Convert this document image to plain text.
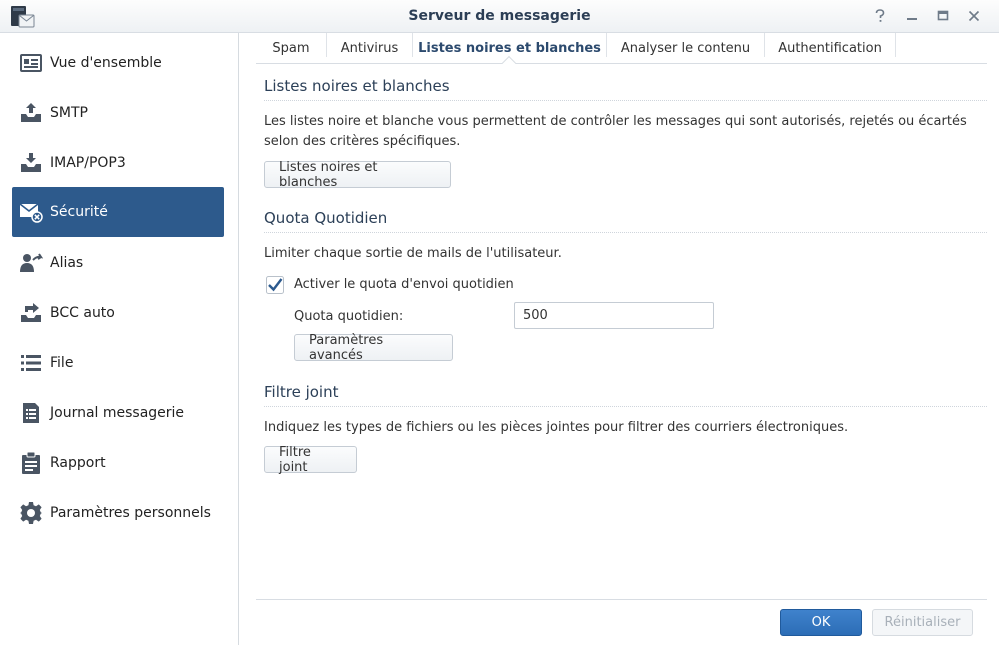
Serveur de messagerie
Vue d'ensemble
SMTP
IMAP/POP3
Sécurité
Alias
BCC auto
File
Journal messagerie
Rapport
Paramètres personnels
Spam	Antivirus	Listes noires et blanches	Analyser le contenu	Authentification
Listes noires et blanches
Les listes noire et blanche vous permettent de contrôler les messages qui sont autorisés, rejetés ou écartés selon des critères spécifiques.
Listes noires et blanches
Quota Quotidien
Limiter chaque sortie de mails de l'utilisateur.
Activer le quota d'envoi quotidien
Quota quotidien:
500
Paramètres avancés
Filtre joint
Indiquez les types de fichiers ou les pièces jointes pour filtrer des courriers électroniques.
Filtre joint
OK	Réinitialiser
